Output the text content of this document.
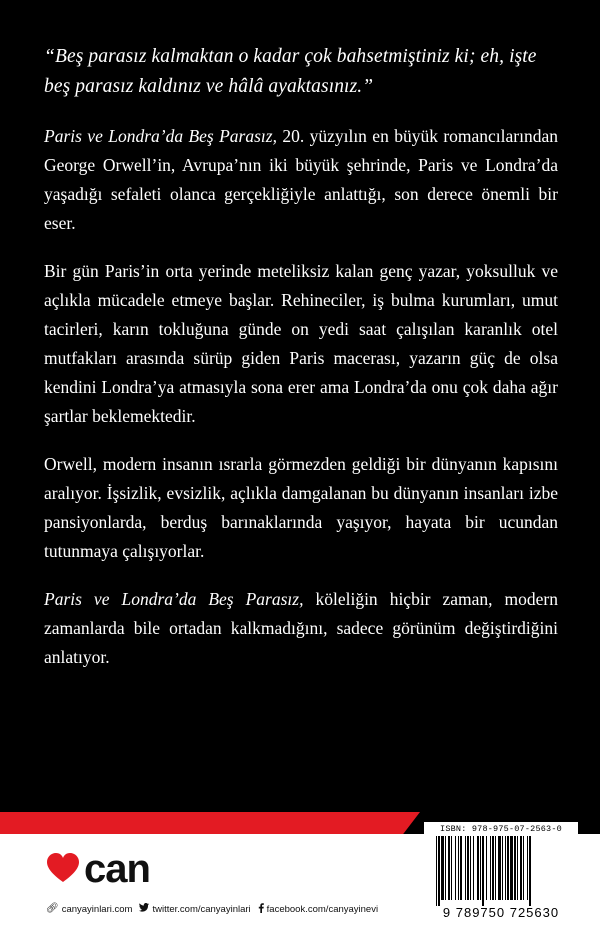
“Beş parasız kalmaktan o kadar çok bahsetmiştiniz ki; eh, işte beş parasız kaldınız ve hâlâ ayaktasınız.”

Paris ve Londra’da Beş Parasız, 20. yüzyılın en büyük romancılarından George Orwell’in, Avrupa’nın iki büyük şehrinde, Paris ve Londra’da yaşadığı sefaleti olanca gerçekliğiyle anlattığı, son derece önemli bir eser.

Bir gün Paris’in orta yerinde meteliksiz kalan genç yazar, yoksulluk ve açlıkla mücadele etmeye başlar. Rehineciler, iş bulma kurumları, umut tacirleri, karın tokluğuna günde on yedi saat çalışılan karanlık otel mutfakları arasında sürüp giden Paris macerası, yazarın güç de olsa kendini Londra’ya atmasıyla sona erer ama Londra’da onu çok daha ağır şartlar beklemektedir.

Orwell, modern insanın ısrarla görmezden geldiği bir dünyanın kapısını aralıyor. İşsizlik, evsizlik, açlıkla damgalanan bu dünyanın insanları izbe pansiyonlarda, berduş barınaklarında yaşıyor, hayata bir ucundan tutunmaya çalışıyorlar.

Paris ve Londra’da Beş Parasız, köleliğin hiçbir zaman, modern zamanlarda bile ortadan kalkmadığını, sadece görünüm değiştirdiğini anlatıyor.

can
🔗︎ canyayinlari.com twitter.com/canyayinlari facebook.com/canyayinevi
ISBN: 978-975-07-2563-0
9 789750 725630
